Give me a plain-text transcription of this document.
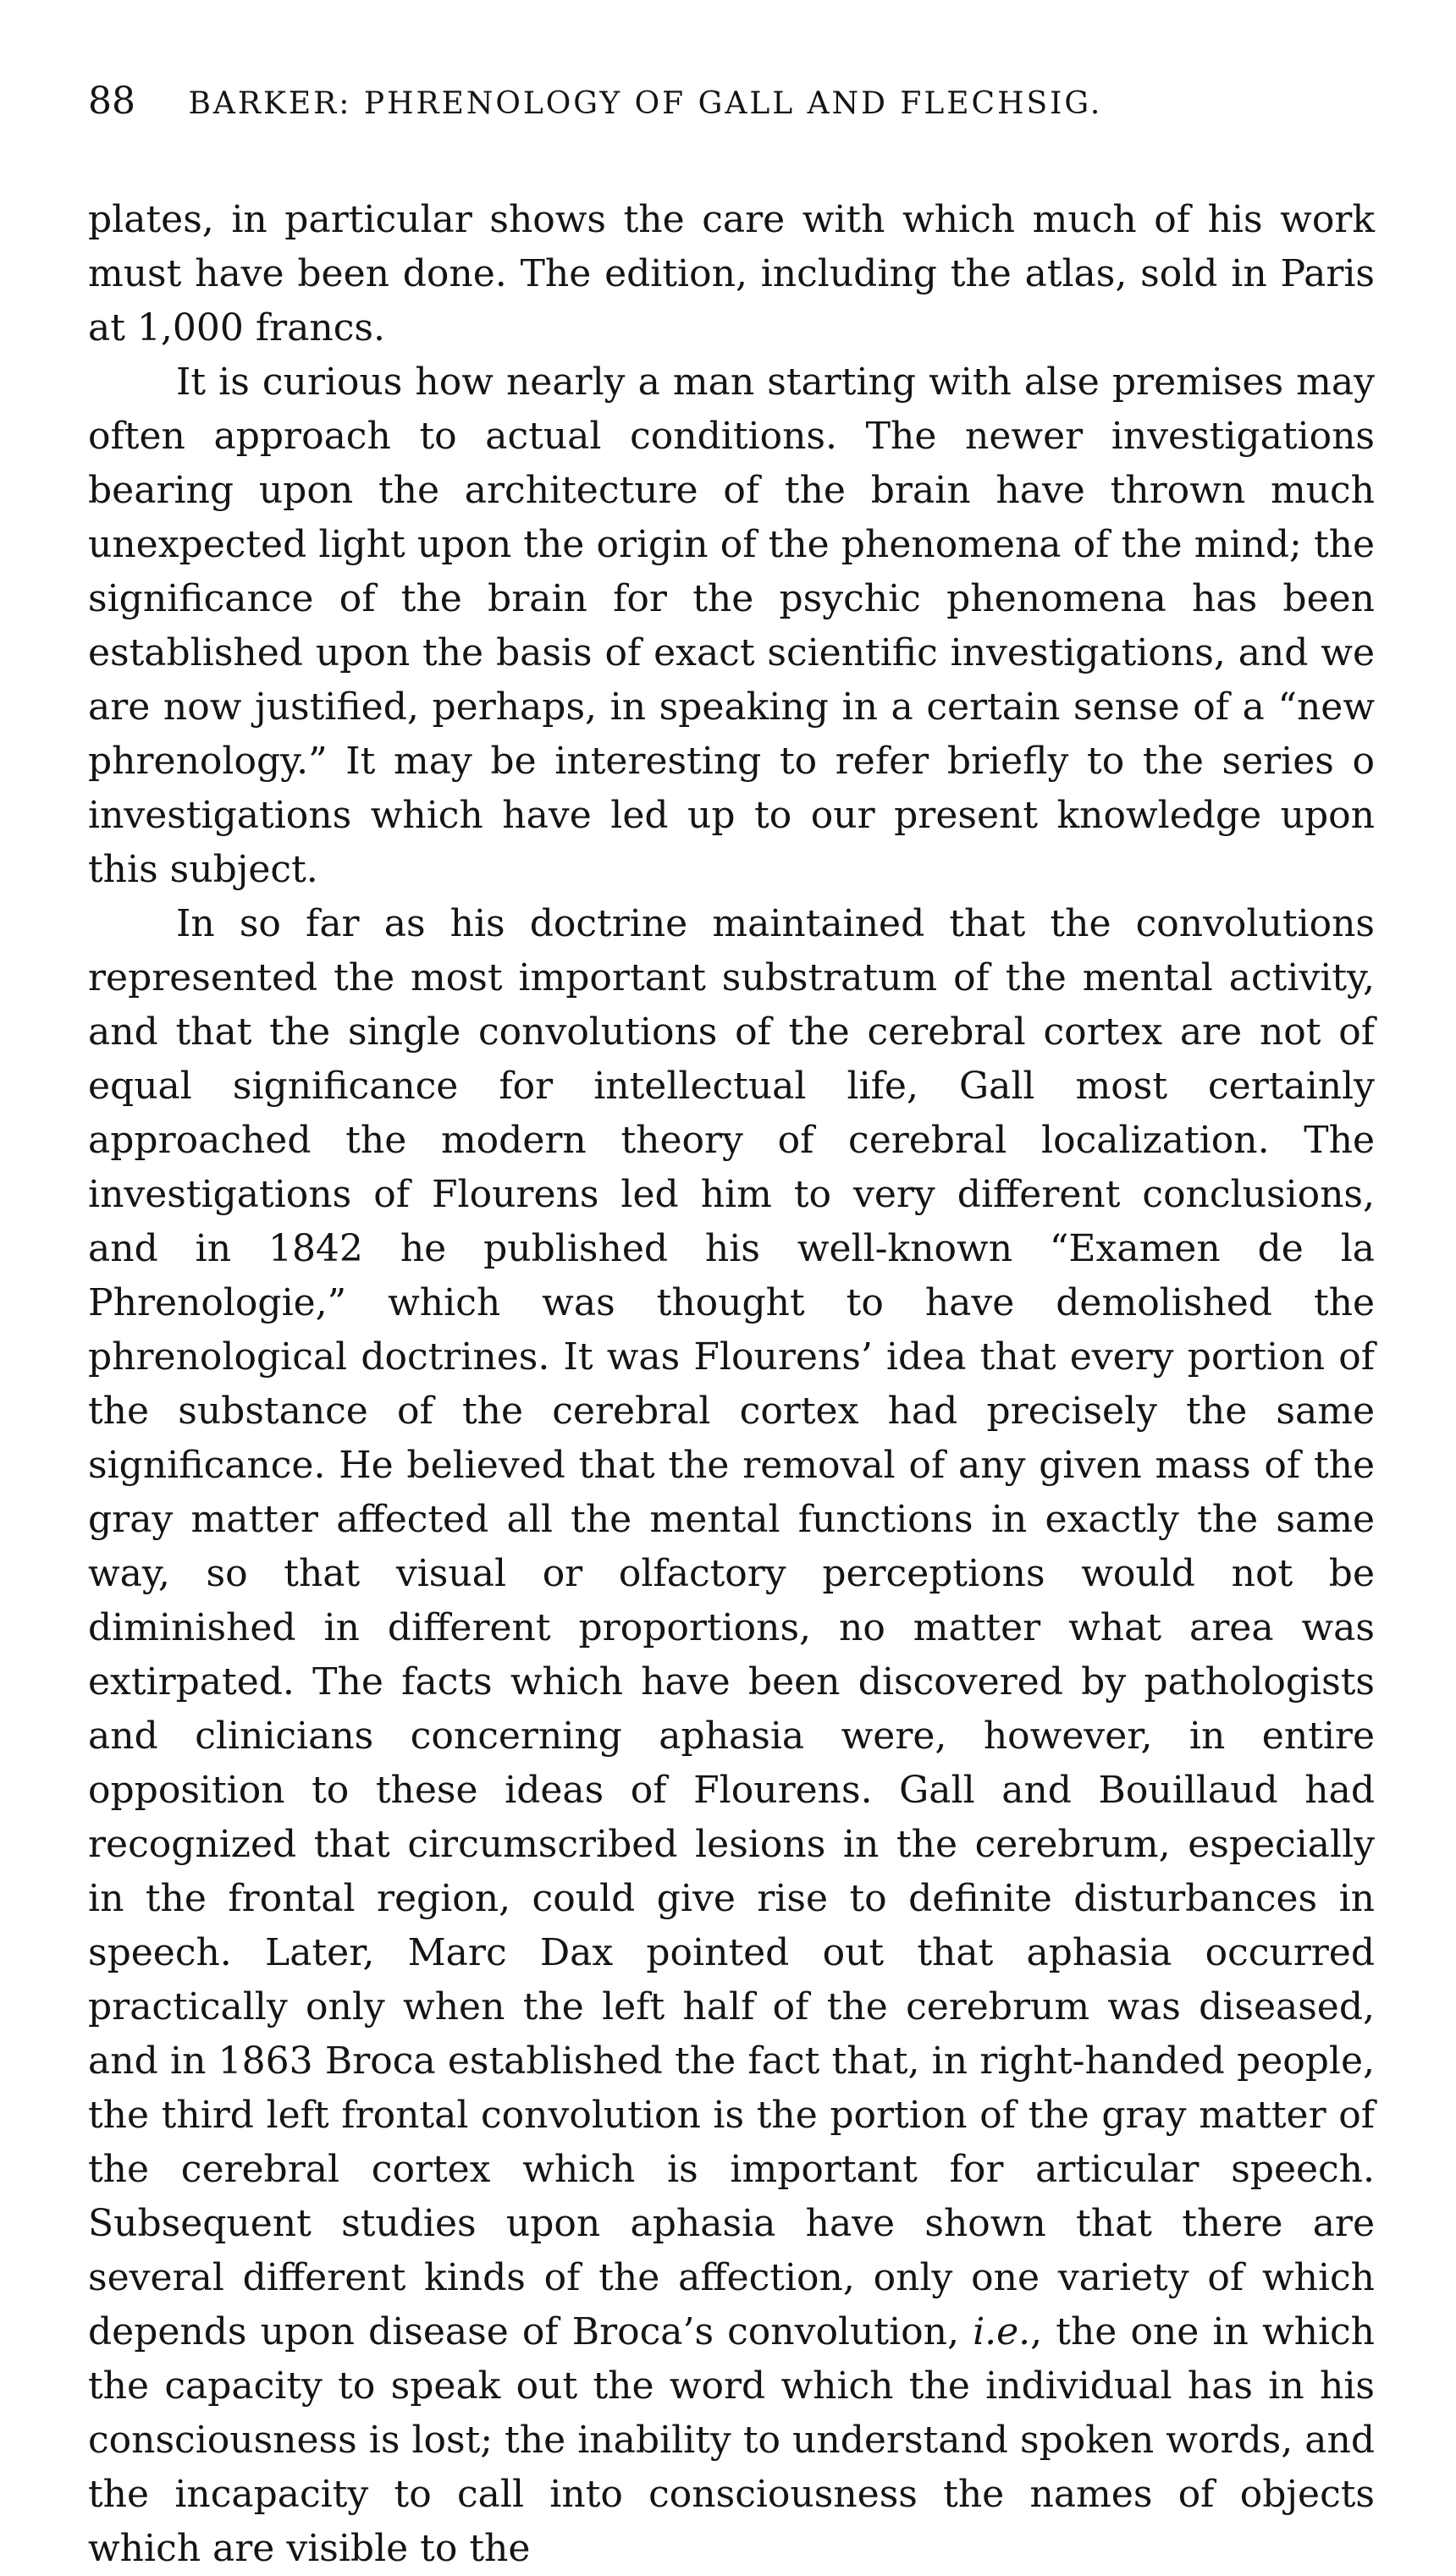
88 BARKER: PHRENOLOGY OF GALL AND FLECHSIG.

plates, in particular shows the care with which much of his work must have been done. The edition, including the atlas, sold in Paris at 1,000 francs.

It is curious how nearly a man starting with alse premises may often approach to actual conditions. The newer investigations bearing upon the architecture of the brain have thrown much unexpected light upon the origin of the phenomena of the mind; the significance of the brain for the psychic phenomena has been established upon the basis of exact scientific investigations, and we are now justified, perhaps, in speaking in a certain sense of a “new phrenology.” It may be interesting to refer briefly to the series o investigations which have led up to our present knowledge upon this subject.

In so far as his doctrine maintained that the convolutions represented the most important substratum of the mental activity, and that the single convolutions of the cerebral cortex are not of equal significance for intellectual life, Gall most certainly approached the modern theory of cerebral localization. The investigations of Flourens led him to very different conclusions, and in 1842 he published his well-known “Examen de la Phrenologie,” which was thought to have demolished the phrenological doctrines. It was Flourens’ idea that every portion of the substance of the cerebral cortex had precisely the same significance. He believed that the removal of any given mass of the gray matter affected all the mental functions in exactly the same way, so that visual or olfactory perceptions would not be diminished in different proportions, no matter what area was extirpated. The facts which have been discovered by pathologists and clinicians concerning aphasia were, however, in entire opposition to these ideas of Flourens. Gall and Bouillaud had recognized that circumscribed lesions in the cerebrum, especially in the frontal region, could give rise to definite disturbances in speech. Later, Marc Dax pointed out that aphasia occurred practically only when the left half of the cerebrum was diseased, and in 1863 Broca established the fact that, in right-handed people, the third left frontal convolution is the portion of the gray matter of the cerebral cortex which is important for articular speech. Subsequent studies upon aphasia have shown that there are several different kinds of the affection, only one variety of which depends upon disease of Broca’s convolution, i.e., the one in which the capacity to speak out the word which the individual has in his consciousness is lost; the inability to understand spoken words, and the incapacity to call into consciousness the names of objects which are visible to the
